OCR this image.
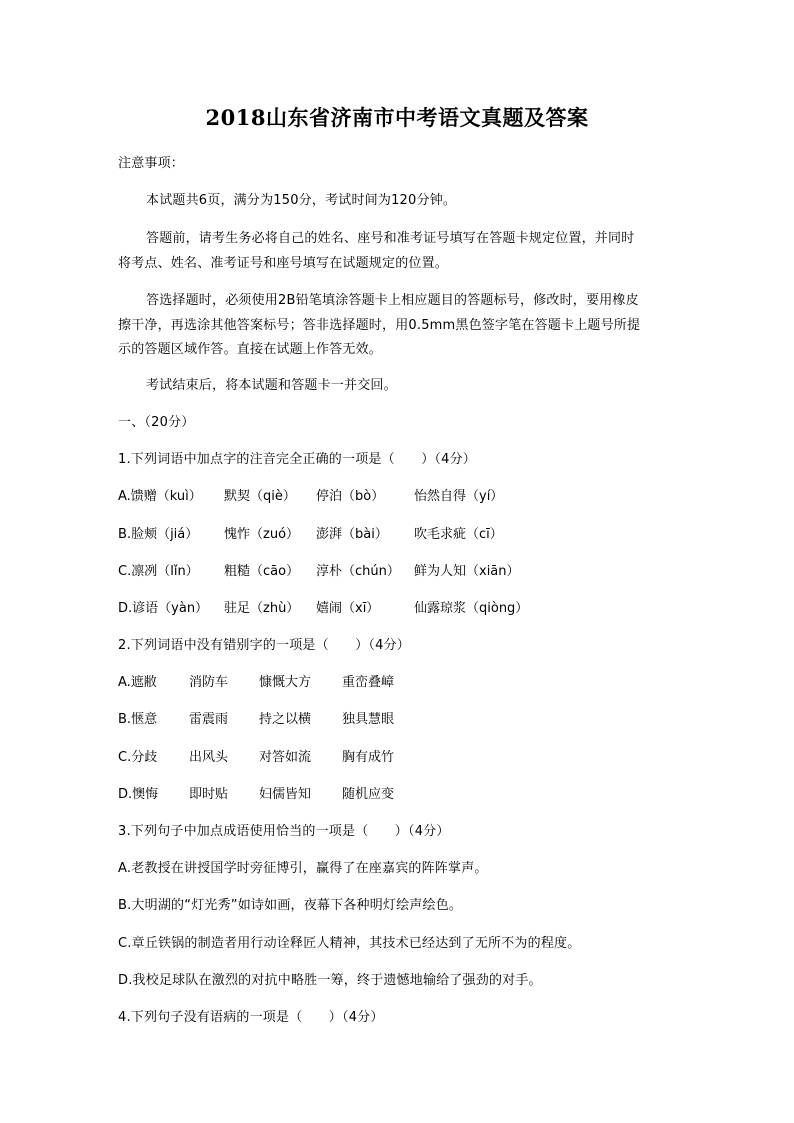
2018山东省济南市中考语文真题及答案
注意事项：
本试题共6页，满分为150分，考试时间为120分钟。
答题前，请考生务必将自己的姓名、座号和准考证号填写在答题卡规定位置，并同时
将考点、姓名、准考证号和座号填写在试题规定的位置。
答选择题时，必须使用2B铅笔填涂答题卡上相应题目的答题标号，修改时，要用橡皮
擦干净，再选涂其他答案标号；答非选择题时，用0.5mm黑色签字笔在答题卡上题号所提
示的答题区域作答。直接在试题上作答无效。
考试结束后，将本试题和答题卡一并交回。
一、（20分）
1.下列词语中加点字的注音完全正确的一项是（　　）（4分）
A.馈赠（kuì） 默契（qiè） 停泊（bò） 怡然自得（yí）
B.脸颊（jiá） 愧怍（zuó） 澎湃（bài） 吹毛求疵（cī）
C.凛冽（lǐn） 粗糙（cāo） 淳朴（chún） 鲜为人知（xiān）
D.谚语（yàn） 驻足（zhù） 嬉闹（xī）	仙露琼浆（qiòng）
2.下列词语中没有错别字的一项是（　　）（4分）
A.遮敝 消防车 慷慨大方 重峦叠嶂
B.惬意 雷震雨 持之以横 独具慧眼
C.分歧 出风头 对答如流 胸有成竹
D.懊悔 即时贴 妇儒皆知 随机应变
3.下列句子中加点成语使用恰当的一项是（　　）（4分）
A.老教授在讲授国学时旁征博引，赢得了在座嘉宾的阵阵掌声。
B.大明湖的“灯光秀”如诗如画，夜幕下各种明灯绘声绘色。
C.章丘铁锅的制造者用行动诠释匠人精神，其技术已经达到了无所不为的程度。
D.我校足球队在激烈的对抗中略胜一筹，终于遗憾地输给了强劲的对手。
4.下列句子没有语病的一项是（　　）（4分）
